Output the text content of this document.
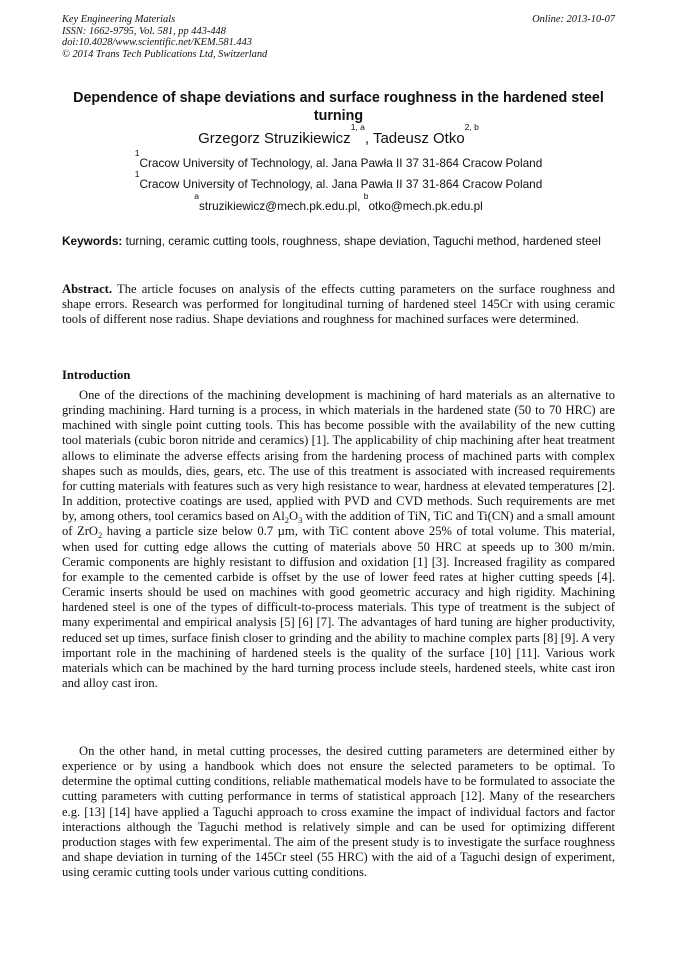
Key Engineering Materials
ISSN: 1662-9795, Vol. 581, pp 443-448
doi:10.4028/www.scientific.net/KEM.581.443
© 2014 Trans Tech Publications Ltd, Switzerland
Online: 2013-10-07
Dependence of shape deviations and surface roughness in the hardened steel turning
Grzegorz Struzikiewicz$^{1, a}$, Tadeusz Otko$^{2, b}$
$^1$Cracow University of Technology, al. Jana Pawła II 37 31-864 Cracow Poland
$^1$Cracow University of Technology, al. Jana Pawła II 37 31-864 Cracow Poland
$^a$struzikiewicz@mech.pk.edu.pl, $^b$otko@mech.pk.edu.pl
Keywords: turning, ceramic cutting tools, roughness, shape deviation, Taguchi method, hardened steel
Abstract. The article focuses on analysis of the effects cutting parameters on the surface roughness and shape errors. Research was performed for longitudinal turning of hardened steel 145Cr with using ceramic tools of different nose radius. Shape deviations and roughness for machined surfaces were determined.
Introduction

One of the directions of the machining development is machining of hard materials as an alternative to grinding machining. Hard turning is a process, in which materials in the hardened state (50 to 70 HRC) are machined with single point cutting tools. This has become possible with the availability of the new cutting tool materials (cubic boron nitride and ceramics) [1]. The applicability of chip machining after heat treatment allows to eliminate the adverse effects arising from the hardening process of machined parts with complex shapes such as moulds, dies, gears, etc. The use of this treatment is associated with increased requirements for cutting materials with features such as very high resistance to wear, hardness at elevated temperatures [2]. In addition, protective coatings are used, applied with PVD and CVD methods. Such requirements are met by, among others, tool ceramics based on $Al_2O_3$ with the addition of TiN, TiC and Ti(CN) and a small amount of ZrO$_2$ having a particle size below 0.7 µm, with TiC content above 25% of total volume. This material, when used for cutting edge allows the cutting of materials above 50 HRC at speeds up to 300 m/min. Ceramic components are highly resistant to diffusion and oxidation [1] [3]. Increased fragility as compared for example to the cemented carbide is offset by the use of lower feed rates at higher cutting speeds [4]. Ceramic inserts should be used on machines with good geometric accuracy and high rigidity. Machining hardened steel is one of the types of difficult-to-process materials. This type of treatment is the subject of many experimental and empirical analysis [5] [6] [7]. The advantages of hard tuning are higher productivity, reduced set up times, surface finish closer to grinding and the ability to machine complex parts [8] [9]. A very important role in the machining of hardened steels is the quality of the surface [10] [11]. Various work materials which can be machined by the hard turning process include steels, hardened steels, white cast iron and alloy cast iron.

On the other hand, in metal cutting processes, the desired cutting parameters are determined either by experience or by using a handbook which does not ensure the selected parameters to be optimal. To determine the optimal cutting conditions, reliable mathematical models have to be formulated to associate the cutting parameters with cutting performance in terms of statistical approach [12]. Many of the researchers e.g. [13] [14] have applied a Taguchi approach to cross examine the impact of individual factors and factor interactions although the Taguchi method is relatively simple and can be used for optimizing different production stages with few experimental. The aim of the present study is to investigate the surface roughness and shape deviation in turning of the 145Cr steel (55 HRC) with the aid of a Taguchi design of experiment, using ceramic cutting tools under various cutting conditions.
